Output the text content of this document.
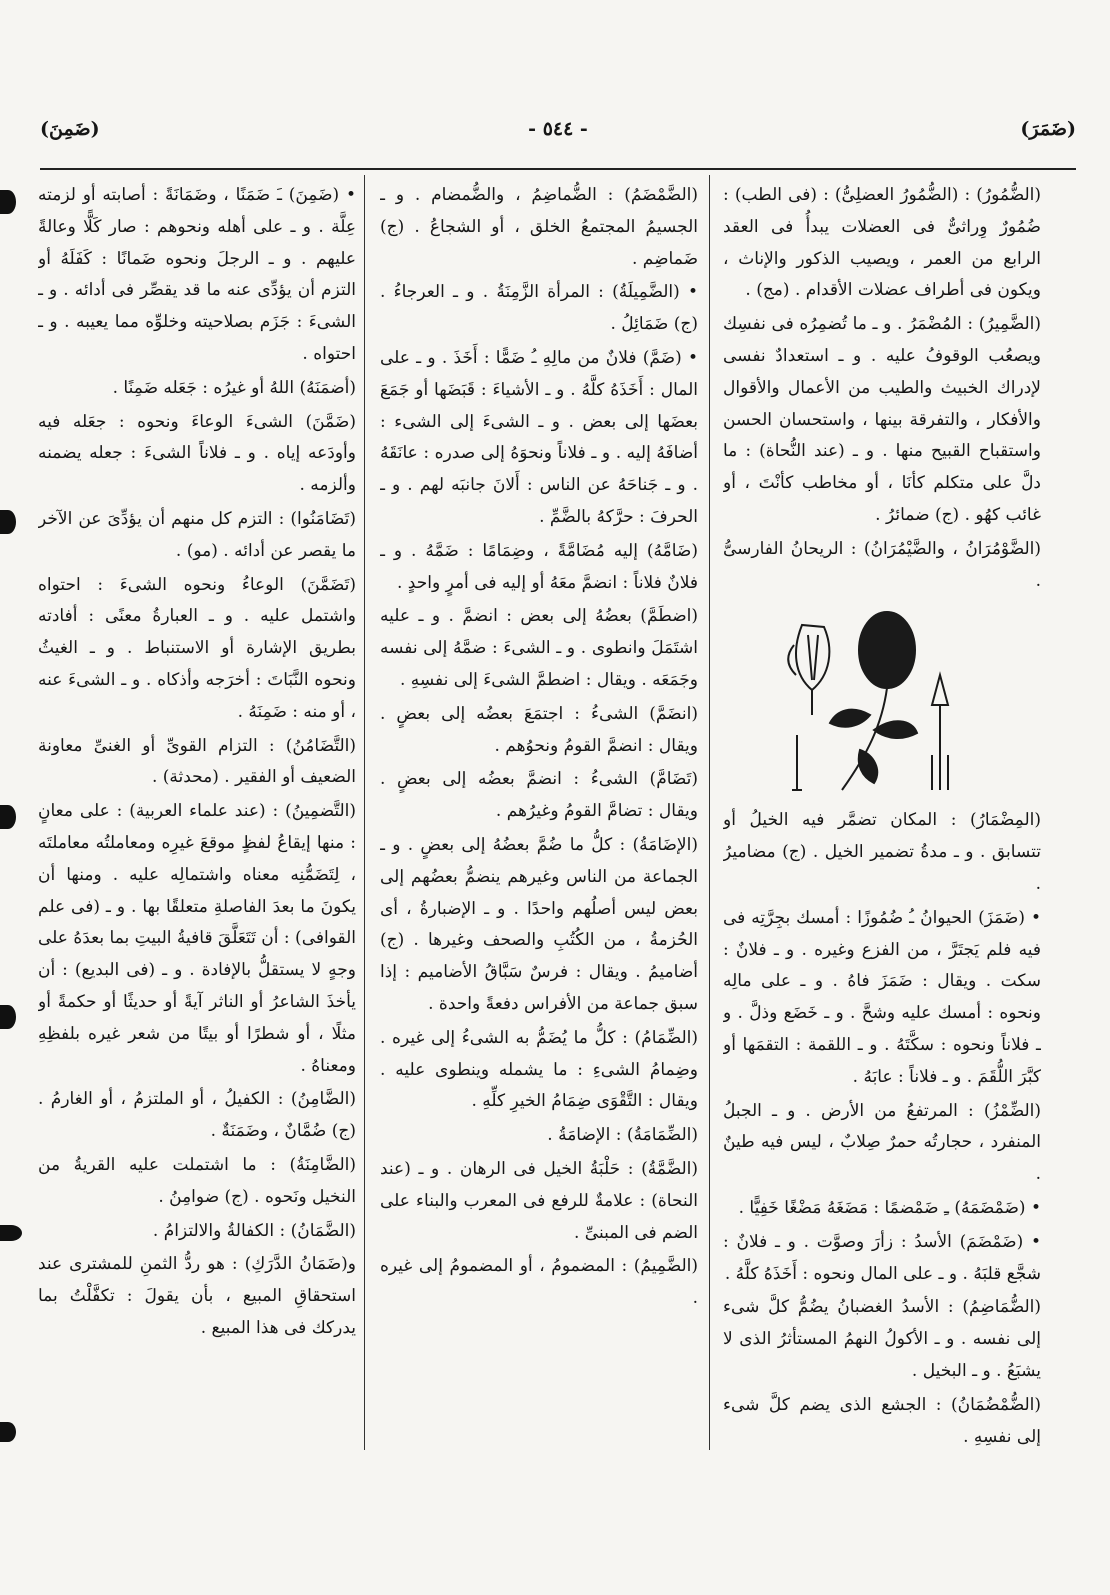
(ضَمَرَ)
- ٥٤٤ -
(ضَمِنَ)

(الضُّمُورُ) : (الضُّمُورُ العضلِىُّ) : (فى الطب) : ضُمُورٌ وِراثىٌّ فى العضلات يبدأُ فى العقد الرابع من العمر ، ويصيب الذكور والإناث ، ويكون فى أطراف عضلات الأقدام . (مج) .

(الضَّمِيرُ) : المُضْمَرُ . و ـ ما تُضمِرُه فى نفسِك ويصعُب الوقوفُ عليه . و ـ استعدادٌ نفسى لإدراك الخبيث والطيب من الأعمال والأقوال والأفكار ، والتفرقة بينها ، واستحسان الحسن واستقباح القبيح منها . و ـ (عند النُّحاة) : ما دلَّ على متكلم كأنَا ، أو مخاطب كأنْتَ ، أو غائب كهُو . (ج) ضمائرُ .

(الضَّوْمُرَانُ ، والضَّيْمُرَانُ) : الريحانُ الفارسىُّ .

(المِضْمَارُ) : المكان تضمَّر فيه الخيلُ أو تتسابق . و ـ مدةُ تضمير الخيل . (ج) مضاميرُ .

• (ضَمَزَ) الحيوانُ ـُ ضُمُوزًا : أمسك بجِرَّتِه فى فيه فلم يَجتَرَّ ، من الفزع وغيره . و ـ فلانٌ : سكت . ويقال : ضَمَزَ فاهُ . و ـ على مالِه ونحوه : أمسك عليه وشحَّ . و ـ خَضَع وذلَّ . و ـ فلاناً ونحوه : سكَّتَهُ . و ـ اللقمة : التقمَها أو كبَّرَ اللُّقَمَ . و ـ فلاناً : عابَهُ .

(الضِّمْزُ) : المرتفعُ من الأرض . و ـ الجبلُ المنفرد ، حجارتُه حمرٌ صِلابٌ ، ليس فيه طينٌ .

• (ضَمْضَمَهُ) ـِ ضَمْضمًا : مَضَغَهُ مَضْغًا خَفِيًّا .

• (ضَمْضَمَ) الأسدُ : زأرَ وصوَّت . و ـ فلانٌ : شجَّع قلبَهُ . و ـ على المال ونحوه : أَخَذَهُ كلَّهُ .

(الضُّمَاضِمُ) : الأسدُ الغضبانُ يضُمُّ كلَّ شىء إلى نفسه . و ـ الأكولُ النهمُ المستأثرُ الذى لا يشبَعُ . و ـ البخيل .

(الضُّمْضُمَانُ) : الجشع الذى يضم كلَّ شىء إلى نفسِهِ .

(الضَّمْضَمُ) : الضُّماضِمُ ، والضُّمضام . و ـ الجسيمُ المجتمعُ الخلق ، أو الشجاعُ . (ج) ضَماضِم .

• (الضَّمِيلَةُ) : المرأة الزَّمِنَةُ . و ـ العرجاءُ . (ج) ضَمَائِلُ .

• (ضَمَّ) فلانٌ من مالِهِ ـُ ضَمًّا : أَخَذَ . و ـ على المال : أَخَذَهُ كلَّهُ . و ـ الأشياءَ : قَبَضَها أو جَمَعَ بعضَها إلى بعض . و ـ الشىءَ إلى الشىء : أضافَهُ إليه . و ـ فلاناً ونحوَهُ إلى صدره : عانَقَهُ . و ـ جَناحَهُ عن الناس : أَلانَ جانبَه لهم . و ـ الحرفَ : حرَّكهُ بالضَّمِّ .

(ضَامَّهُ) إليه مُضَامَّةً ، وضِمَامًا : ضَمَّهُ . و ـ فلانٌ فلاناً : انضمَّ معَهُ أو إليه فى أمرٍ واحدٍ .

(اضطَمَّ) بعضُهُ إلى بعض : انضمَّ . و ـ عليه اشتَمَلَ وانطوى . و ـ الشىءَ : ضمَّهُ إلى نفسه وجَمَعَه . ويقال : اضطمَّ الشىءَ إلى نفسِهِ .

(انضَمَّ) الشىءُ : اجتمَعَ بعضُه إلى بعضٍ . ويقال : انضمَّ القومُ ونحوُهم .

(تَضَامَّ) الشىءُ : انضمَّ بعضُه إلى بعضٍ . ويقال : تضامَّ القومُ وغيرُهم .

(الإضَامَةُ) : كلُّ ما ضُمَّ بعضُهُ إلى بعضٍ . و ـ الجماعة من الناس وغيرهم ينضمُّ بعضُهم إلى بعض ليس أصلُهم واحدًا . و ـ الإضبارةُ ، أى الحُزمةُ ، من الكُتُبِ والصحف وغيرها . (ج) أضاميمُ . ويقال : فرسٌ سَبَّاقُ الأضاميم : إذا سبق جماعة من الأفراس دفعةً واحدة .

(الضِّمَامُ) : كلُّ ما يُضَمُّ به الشىءُ إلى غيره . وضِمامُ الشىءِ : ما يشمله وينطوى عليه . ويقال : التَّقْوَى ضِمَامُ الخيرِ كلِّهِ .

(الضِّمَامَةُ) : الإضامَةُ .

(الضَّمَّةُ) : حَلْبَةُ الخيل فى الرهان . و ـ (عند النحاة) : علامةٌ للرفع فى المعرب والبناء على الضم فى المبنىِّ .

(الضَّمِيمُ) : المضمومُ ، أو المضمومُ إلى غيره .

• (ضَمِنَ) ـَ ضَمَنًا ، وضَمَانَةً : أصابته أو لزمته عِلَّة . و ـ على أهله ونحوهم : صار كَلًّا وعالةً عليهم . و ـ الرجلَ ونحوه ضَمانًا : كَفَلَهُ أو التزم أن يؤدِّى عنه ما قد يقصِّر فى أدائه . و ـ الشىءَ : جَزَم بصلاحيته وخلوِّه مما يعيبه . و ـ احتواه .

(أضمَنَهُ) اللهُ أو غيرُه : جَعَله ضَمِنًا .

(ضَمَّنَ) الشىءَ الوعاءَ ونحوه : جعَله فيه وأودَعه إياه . و ـ فلاناً الشىءَ : جعله يضمنه وألزمه .

(تَضَامَنُوا) : التزم كل منهم أن يؤدِّىَ عن الآخر ما يقصر عن أدائه . (مو) .

(تَضَمَّنَ) الوعاءُ ونحوه الشىءَ : احتواه واشتمل عليه . و ـ العبارةُ معنًى : أفادته بطريق الإشارة أو الاستنباط . و ـ الغيثُ ونحوه النَّبَاتَ : أخرَجه وأذكاه . و ـ الشىءَ عنه ، أو منه : ضَمِنَهُ .

(التَّضَامُنُ) : التزام القوىِّ أو الغنىِّ معاونة الضعيف أو الفقير . (محدثة) .

(التَّضمِينُ) : (عند علماء العربية) : على معانٍ : منها إيقاعُ لفظٍ موقعَ غيرِه ومعاملتُه معاملتَه ، لِتَضَمُّنِه معناه واشتمالِه عليه . ومنها أن يكونَ ما بعدَ الفاصلةِ متعلقًا بها . و ـ (فى علم القوافى) : أن تَتَعَلَّقَ قافيةُ البيتِ بما بعدَهُ على وجهٍ لا يستقلُّ بالإفادة . و ـ (فى البديع) : أن يأخذَ الشاعرُ أو الناثر آيةً أو حديثًا أو حكمةً أو مثلًا ، أو شطرًا أو بيتًا من شعر غيره بلفظِهِ ومعناهُ .

(الضَّامِنُ) : الكفيلُ ، أو الملتزمُ ، أو الغارمُ . (ج) ضُمَّانٌ ، وضَمَنَةٌ .

(الضَّامِنَةُ) : ما اشتملت عليه القريةُ من النخيل ونَحوه . (ج) ضوامِنُ .

(الضَّمَانُ) : الكفالةُ والالتزامُ .

و(ضَمَانُ الدَّرَكِ) : هو ردُّ الثمنِ للمشترى عند استحقاقِ المبيع ، بأن يقولَ : تكفَّلْتُ بما يدركك فى هذا المبيع .
